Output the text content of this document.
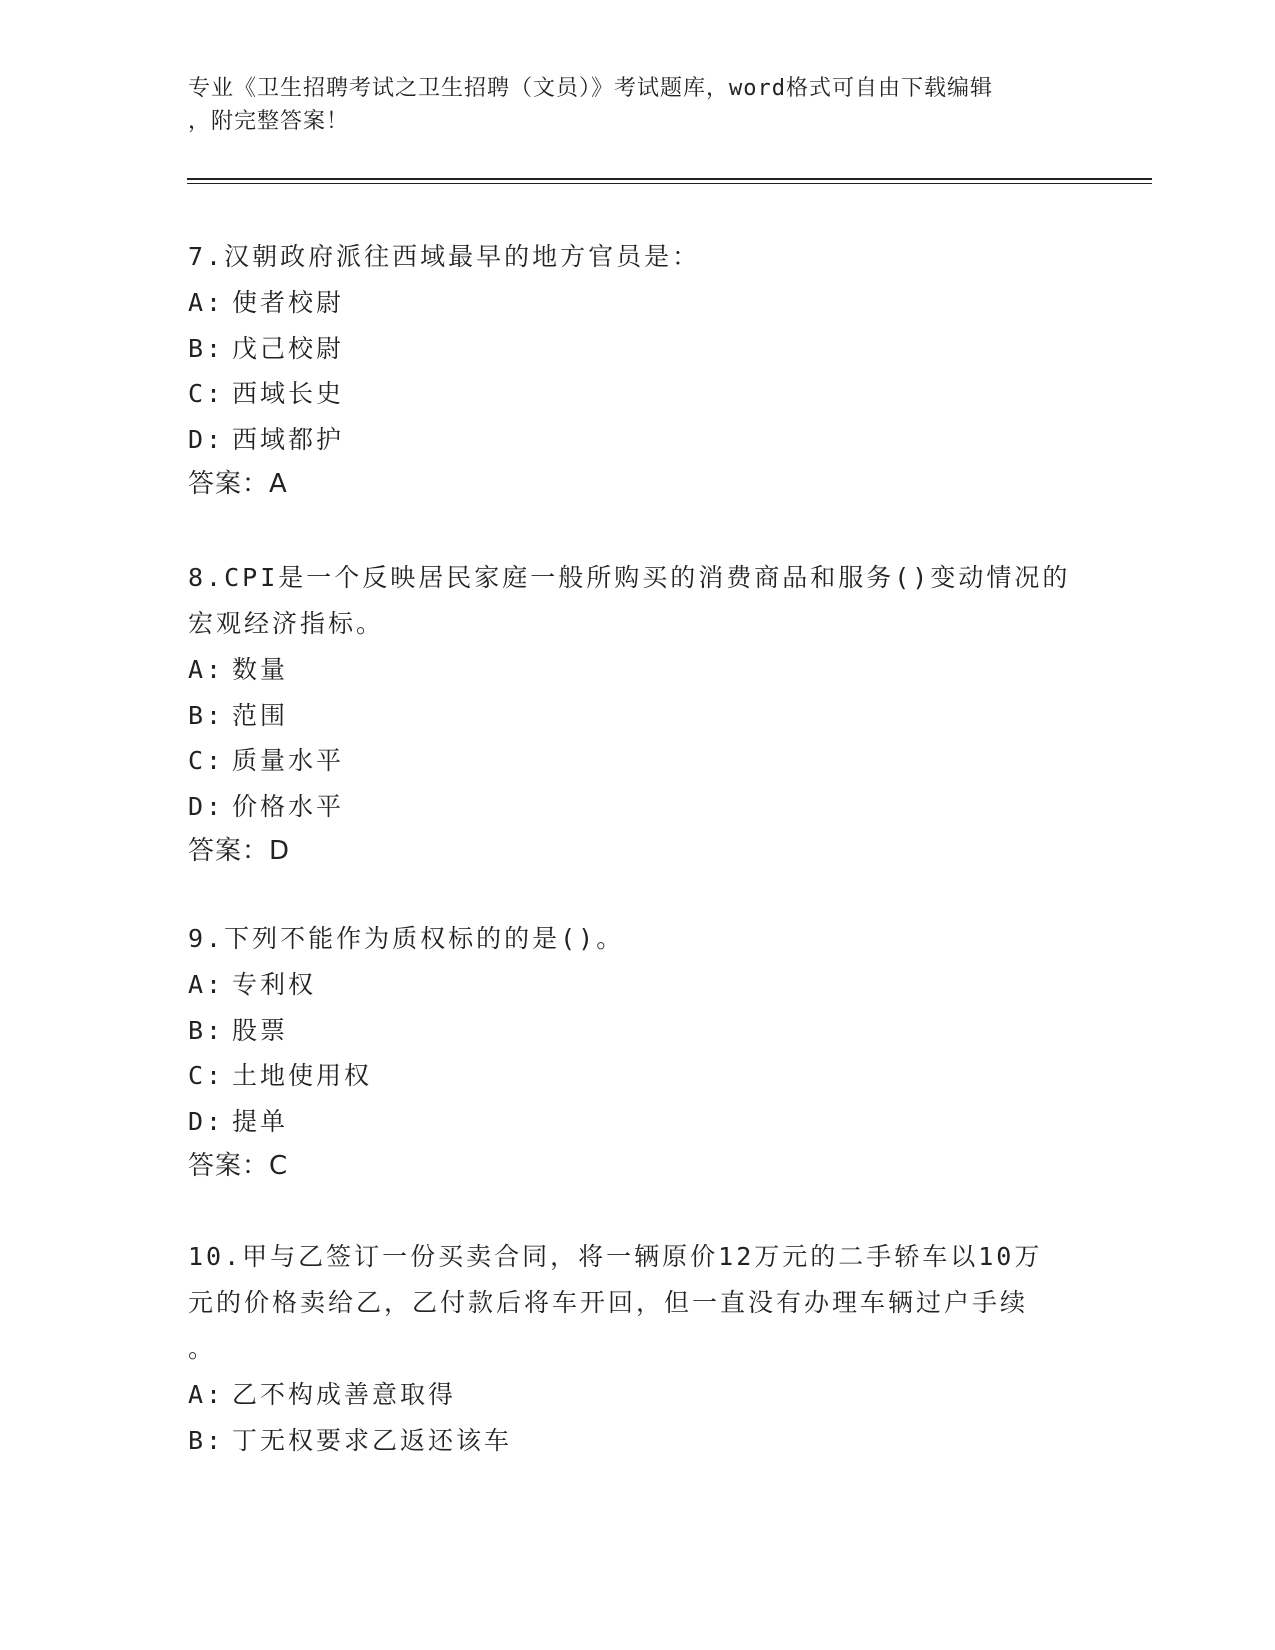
专业《卫生招聘考试之卫生招聘（文员）》考试题库，word格式可自由下载编辑
，附完整答案！
7.汉朝政府派往西域最早的地方官员是：
A: 使者校尉
B: 戊己校尉
C: 西域长史
D: 西域都护
答案：A
8.CPI是一个反映居民家庭一般所购买的消费商品和服务()变动情况的
宏观经济指标。
A: 数量
B: 范围
C: 质量水平
D: 价格水平
答案：D
9.下列不能作为质权标的的是()。
A: 专利权
B: 股票
C: 土地使用权
D: 提单
答案：C
10.甲与乙签订一份买卖合同，将一辆原价12万元的二手轿车以10万
元的价格卖给乙，乙付款后将车开回，但一直没有办理车辆过户手续
。
A: 乙不构成善意取得
B: 丁无权要求乙返还该车
